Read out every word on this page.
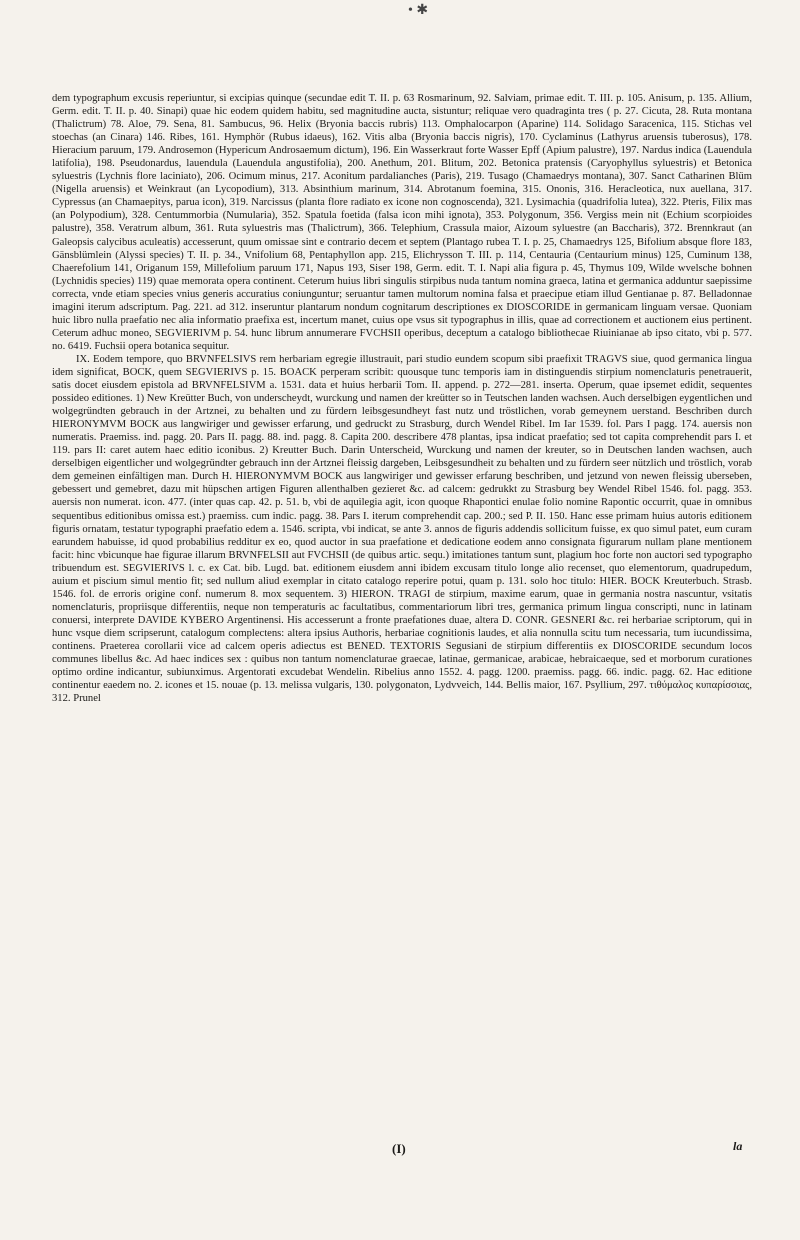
• ✱

dem typographum excusis reperiuntur, si excipias quinque (secundae edit T. II. p. 63 Rosmarinum, 92. Salviam, primae edit. T. III. p. 105. Anisum, p. 135. Allium, Germ. edit. T. II. p. 40. Sinapi) quae hic eodem quidem habitu, sed magnitudine aucta, sistuntur; reliquae vero quadraginta tres ( p. 27. Cicuta, 28. Ruta montana (Thalictrum) 78. Aloe, 79. Sena, 81. Sambucus, 96. Helix (Bryonia baccis rubris) 113. Omphalocarpon (Aparine) 114. Solidago Saracenica, 115. Stichas vel stoechas (an Cinara) 146. Ribes, 161. Hymphör (Rubus idaeus), 162. Vitis alba (Bryonia baccis nigris), 170. Cyclaminus (Lathyrus aruensis tuberosus), 178. Hieracium paruum, 179. Androsemon (Hypericum Androsaemum dictum), 196. Ein Wasserkraut forte Wasser Epff (Apium palustre), 197. Nardus indica (Lauendula latifolia), 198. Pseudonardus, lauendula (Lauendula angustifolia), 200. Anethum, 201. Blitum, 202. Betonica pratensis (Caryophyllus syluestris) et Betonica syluestris (Lychnis flore laciniato), 206. Ocimum minus, 217. Aconitum pardalianches (Paris), 219. Tusago (Chamaedrys montana), 307. Sanct Catharinen Blüm (Nigella aruensis) et Weinkraut (an Lycopodium), 313. Absinthium marinum, 314. Abrotanum foemina, 315. Ononis, 316. Heracleotica, nux auellana, 317. Cypressus (an Chamaepitys, parua icon), 319. Narcissus (planta flore radiato ex icone non cognoscenda), 321. Lysimachia (quadrifolia lutea), 322. Pteris, Filix mas (an Polypodium), 328. Centummorbia (Numularia), 352. Spatula foetida (falsa icon mihi ignota), 353. Polygonum, 356. Vergiss mein nit (Echium scorpioides palustre), 358. Veratrum album, 361. Ruta syluestris mas (Thalictrum), 366. Telephium, Crassula maior, Aizoum syluestre (an Baccharis), 372. Brennkraut (an Galeopsis calycibus aculeatis) accesserunt, quum omissae sint e contrario decem et septem (Plantago rubea T. I. p. 25, Chamaedrys 125, Bifolium absque flore 183, Gänsblümlein (Alyssi species) T. II. p. 34., Vnifolium 68, Pentaphyllon app. 215, Elichrysson T. III. p. 114, Centauria (Centaurium minus) 125, Cuminum 138, Chaerefolium 141, Origanum 159, Millefolium paruum 171, Napus 193, Siser 198, Germ. edit. T. I. Napi alia figura p. 45, Thymus 109, Wilde wvelsche bohnen (Lychnidis species) 119) quae memorata opera continent. Ceterum huius libri singulis stirpibus nuda tantum nomina graeca, latina et germanica adduntur saepissime correcta, vnde etiam species vnius generis accuratius coniunguntur; seruantur tamen multorum nomina falsa et praecipue etiam illud Gentianae p. 87. Belladonnae imagini iterum adscriptum. Pag. 221. ad 312. inseruntur plantarum nondum cognitarum descriptiones ex DIOSCORIDE in germanicam linguam versae. Quoniam huic libro nulla praefatio nec alia informatio praefixa est, incertum manet, cuius ope vsus sit typographus in illis, quae ad correctionem et auctionem eius pertinent. Ceterum adhuc moneo, SEGVIERIVM p. 54. hunc librum annumerare FVCHSII operibus, deceptum a catalogo bibliothecae Riuinianae ab ipso citato, vbi p. 577. no. 6419. Fuchsii opera botanica sequitur.

IX. Eodem tempore, quo BRVNFELSIVS rem herbariam egregie illustrauit, pari studio eundem scopum sibi praefixit TRAGVS siue, quod germanica lingua idem significat, BOCK, quem SEGVIERIVS p. 15. BOACK perperam scribit: quousque tunc temporis iam in distinguendis stirpium nomenclaturis penetrauerit, satis docet eiusdem epistola ad BRVNFELSIVM a. 1531. data et huius herbarii Tom. II. append. p. 272—281. inserta. Operum, quae ipsemet edidit, sequentes possideo editiones. 1) New Kreütter Buch, von underscheydt, wurckung und namen der kreütter so in Teutschen landen wachsen. Auch derselbigen eygentlichen und wolgegründten gebrauch in der Artznei, zu behalten und zu fürdern leibsgesundheyt fast nutz und tröstlichen, vorab gemeynem uerstand. Beschriben durch HIERONYMVM BOCK aus langwiriger und gewisser erfarung, und gedruckt zu Strasburg, durch Wendel Ribel. Im Iar 1539. fol. Pars I pagg. 174. auersis non numeratis. Praemiss. ind. pagg. 20. Pars II. pagg. 88. ind. pagg. 8. Capita 200. describere 478 plantas, ipsa indicat praefatio; sed tot capita comprehendit pars I. et 119. pars II: caret autem haec editio iconibus. 2) Kreutter Buch. Darin Unterscheid, Wurckung und namen der kreuter, so in Deutschen landen wachsen, auch derselbigen eigentlicher und wolgegründter gebrauch inn der Artznei fleissig dargeben, Leibsgesundheit zu behalten und zu fürdern seer nützlich und tröstlich, vorab dem gemeinen einfältigen man. Durch H. HIERONYMVM BOCK aus langwiriger und gewisser erfarung beschriben, und jetzund von newen fleissig uberseben, gebessert und gemebret, dazu mit hüpschen artigen Figuren allenthalben gezieret &c. ad calcem: gedrukkt zu Strasburg bey Wendel Ribel 1546. fol. pagg. 353. auersis non numerat. icon. 477. (inter quas cap. 42. p. 51. b, vbi de aquilegia agit, icon quoque Rhapontici enulae folio nomine Rapontic occurrit, quae in omnibus sequentibus editionibus omissa est.) praemiss. cum indic. pagg. 38. Pars I. iterum comprehendit cap. 200.; sed P. II. 150. Hanc esse primam huius autoris editionem figuris ornatam, testatur typographi praefatio edem a. 1546. scripta, vbi indicat, se ante 3. annos de figuris addendis sollicitum fuisse, ex quo simul patet, eum curam earundem habuisse, id quod probabilius redditur ex eo, quod auctor in sua praefatione et dedicatione eodem anno consignata figurarum nullam plane mentionem facit: hinc vbicunque hae figurae illarum BRVNFELSII aut FVCHSII (de quibus artic. sequ.) imitationes tantum sunt, plagium hoc forte non auctori sed typographo tribuendum est. SEGVIERIVS l. c. ex Cat. bib. Lugd. bat. editionem eiusdem anni ibidem excusam titulo longe alio recenset, quo elementorum, quadrupedum, auium et piscium simul mentio fit; sed nullum aliud exemplar in citato catalogo reperire potui, quam p. 131. solo hoc titulo: HIER. BOCK Kreuterbuch. Strasb. 1546. fol. de erroris origine conf. numerum 8. mox sequentem. 3) HIERON. TRAGI de stirpium, maxime earum, quae in germania nostra nascuntur, vsitatis nomenclaturis, propriisque differentiis, neque non temperaturis ac facultatibus, commentariorum libri tres, germanica primum lingua conscripti, nunc in latinam conuersi, interprete DAVIDE KYBERO Argentinensi. His accesserunt a fronte praefationes duae, altera D. CONR. GESNERI &c. rei herbariae scriptorum, qui in hunc vsque diem scripserunt, catalogum complectens: altera ipsius Authoris, herbariae cognitionis laudes, et alia nonnulla scitu tum necessaria, tum iucundissima, continens. Praeterea corollarii vice ad calcem operis adiectus est BENED. TEXTORIS Segusiani de stirpium differentiis ex DIOSCORIDE secundum locos communes libellus &c. Ad haec indices sex : quibus non tantum nomenclaturae graecae, latinae, germanicae, arabicae, hebraicaeque, sed et morborum curationes optimo ordine indicantur, subiunximus. Argentorati excudebat Wendelin. Ribelius anno 1552. 4. pagg. 1200. praemiss. pagg. 66. indic. pagg. 62. Hac editione continentur eaedem no. 2. icones et 15. nouae (p. 13. melissa vulgaris, 130. polygonaton, Lydvveich, 144. Bellis maior, 167. Psyllium, 297. τιθύμαλος κυπαρίσσιας, 312. Prunel

(I)	la
